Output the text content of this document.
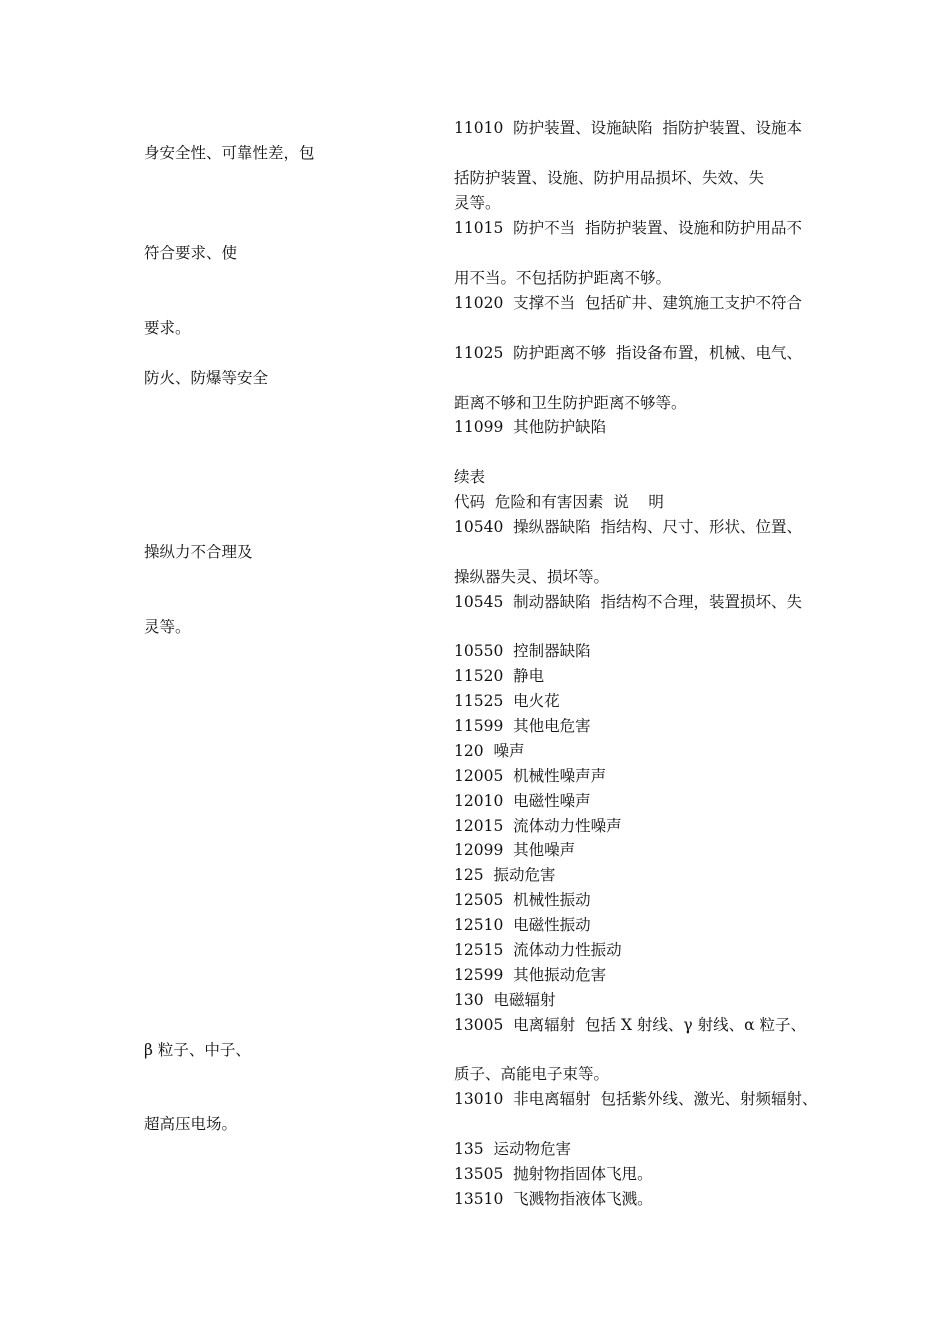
11010  防护装置、设施缺陷  指防护装置、设施本

身安全性、可靠性差，包

括防护装置、设施、防护用品损坏、失效、失

灵等。

11015  防护不当  指防护装置、设施和防护用品不

符合要求、使

用不当。不包括防护距离不够。

11020  支撑不当  包括矿井、建筑施工支护不符合

要求。

11025  防护距离不够  指设备布置，机械、电气、

防火、防爆等安全

距离不够和卫生防护距离不够等。

11099  其他防护缺陷

续表

代码  危险和有害因素  说    明

10540  操纵器缺陷  指结构、尺寸、形状、位置、

操纵力不合理及

操纵器失灵、损坏等。

10545  制动器缺陷  指结构不合理，装置损坏、失

灵等。

10550  控制器缺陷

11520  静电

11525  电火花

11599  其他电危害

120  噪声

12005  机械性噪声声

12010  电磁性噪声

12015  流体动力性噪声

12099  其他噪声

125  振动危害

12505  机械性振动

12510  电磁性振动

12515  流体动力性振动

12599  其他振动危害

130  电磁辐射

13005  电离辐射  包括 X 射线、γ 射线、α 粒子、

β 粒子、中子、

质子、高能电子束等。

13010  非电离辐射  包括紫外线、激光、射频辐射、

超高压电场。

135  运动物危害

13505  抛射物指固体飞甩。

13510  飞溅物指液体飞溅。
